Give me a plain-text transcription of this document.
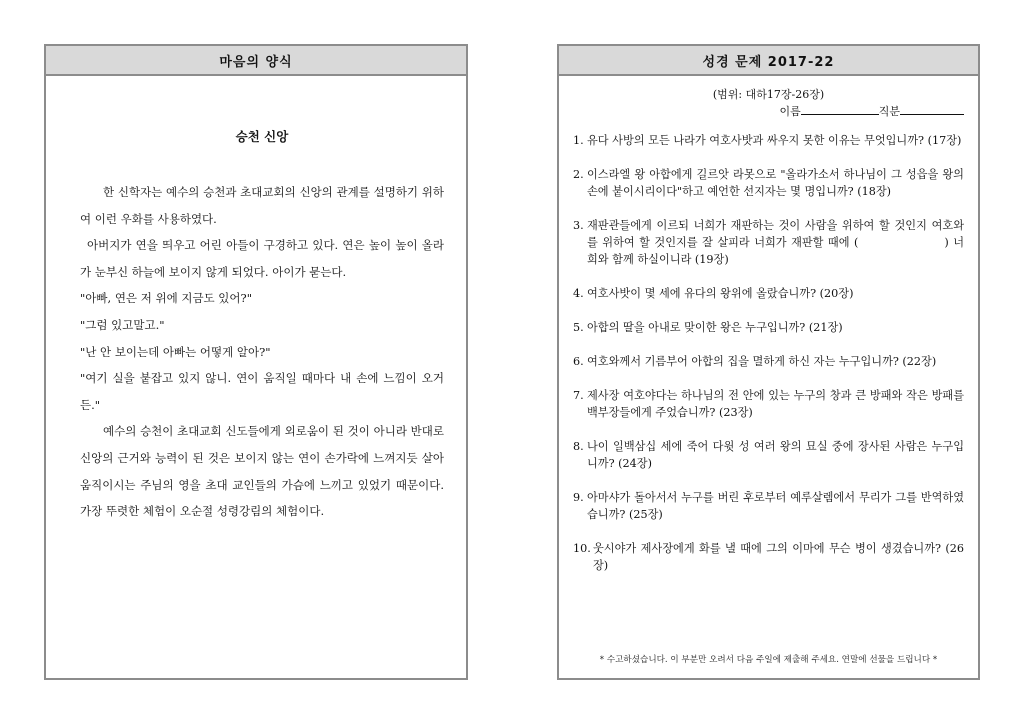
마음의 양식
승천 신앙

한 신학자는 예수의 승천과 초대교회의 신앙의 관계를 설명하기 위하여 이런 우화를 사용하였다.

아버지가 연을 띄우고 어린 아들이 구경하고 있다. 연은 높이 높이 올라가 눈부신 하늘에 보이지 않게 되었다. 아이가 묻는다.

"아빠, 연은 저 위에 지금도 있어?"

"그럼 있고말고."

"난 안 보이는데 아빠는 어떻게 알아?"

"여기 실을 붙잡고 있지 않니. 연이 움직일 때마다 내 손에 느낌이 오거든."

예수의 승천이 초대교회 신도들에게 외로움이 된 것이 아니라 반대로 신앙의 근거와 능력이 된 것은 보이지 않는 연이 손가락에 느껴지듯 살아 움직이시는 주님의 영을 초대 교인들의 가슴에 느끼고 있었기 때문이다. 가장 뚜렷한 체험이 오순절 성령강림의 체험이다.

성경 문제 2017-22
(범위: 대하17장-26장)
이름	직분
1. 유다 사방의 모든 나라가 여호사밧과 싸우지 못한 이유는 무엇입니까? (17장)
2. 이스라엘 왕 아합에게 길르앗 라못으로 "올라가소서 하나님이 그 성읍을 왕의 손에 붙이시리이다"하고 예언한 선지자는 몇 명입니까? (18장)
3. 재판관들에게 이르되 너희가 재판하는 것이 사람을 위하여 할 것인지 여호와를 위하여 할 것인지를 잘 살피라 너희가 재판할 때에 (	) 너희와 함께 하실이니라 (19장)
4. 여호사밧이 몇 세에 유다의 왕위에 올랐습니까? (20장)
5. 아합의 딸을 아내로 맞이한 왕은 누구입니까? (21장)
6. 여호와께서 기름부어 아합의 집을 멸하게 하신 자는 누구입니까? (22장)
7. 제사장 여호야다는 하나님의 전 안에 있는 누구의 창과 큰 방패와 작은 방패를 백부장들에게 주었습니까? (23장)
8. 나이 일백삼십 세에 죽어 다윗 성 여러 왕의 묘실 중에 장사된 사람은 누구입니까? (24장)
9. 아마샤가 돌아서서 누구를 버린 후로부터 예루살렘에서 무리가 그를 반역하였습니까? (25장)
10. 웃시야가 제사장에게 화를 낼 때에 그의 이마에 무슨 병이 생겼습니까? (26장)
* 수고하셨습니다. 이 부분만 오려서 다음 주일에 제출해 주세요. 연말에 선물을 드립니다 *
